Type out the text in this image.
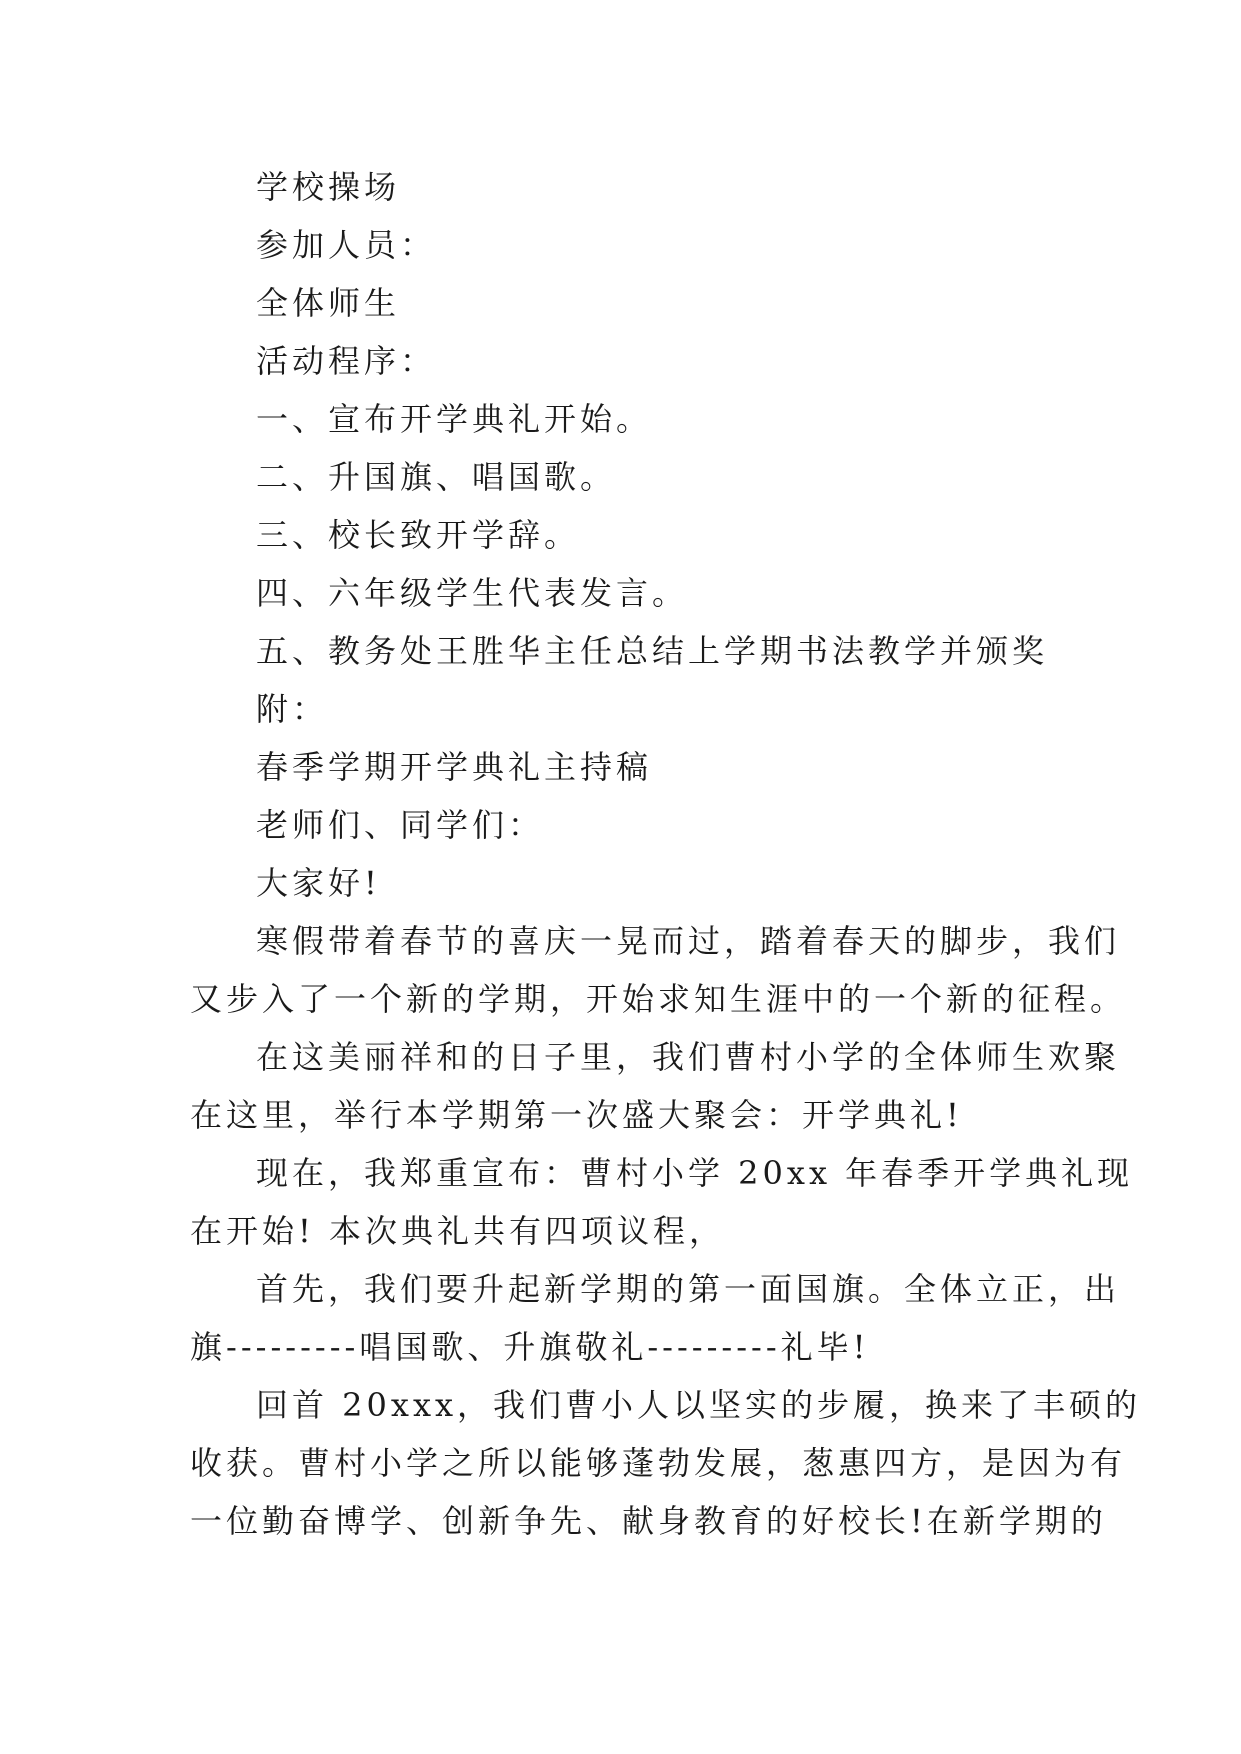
学校操场
参加人员：
全体师生
活动程序：
一、宣布开学典礼开始。
二、升国旗、唱国歌。
三、校长致开学辞。
四、六年级学生代表发言。
五、教务处王胜华主任总结上学期书法教学并颁奖
附：
春季学期开学典礼主持稿
老师们、同学们：
大家好!
寒假带着春节的喜庆一晃而过，踏着春天的脚步，我们
又步入了一个新的学期，开始求知生涯中的一个新的征程。
在这美丽祥和的日子里，我们曹村小学的全体师生欢聚
在这里，举行本学期第一次盛大聚会：开学典礼!
现在，我郑重宣布：曹村小学 20xx 年春季开学典礼现
在开始! 本次典礼共有四项议程，
首先，我们要升起新学期的第一面国旗。全体立正，出
旗---------唱国歌、升旗敬礼---------礼毕!
回首 20xxx，我们曹小人以坚实的步履，换来了丰硕的
收获。曹村小学之所以能够蓬勃发展，葱惠四方，是因为有
一位勤奋博学、创新争先、献身教育的好校长!在新学期的
